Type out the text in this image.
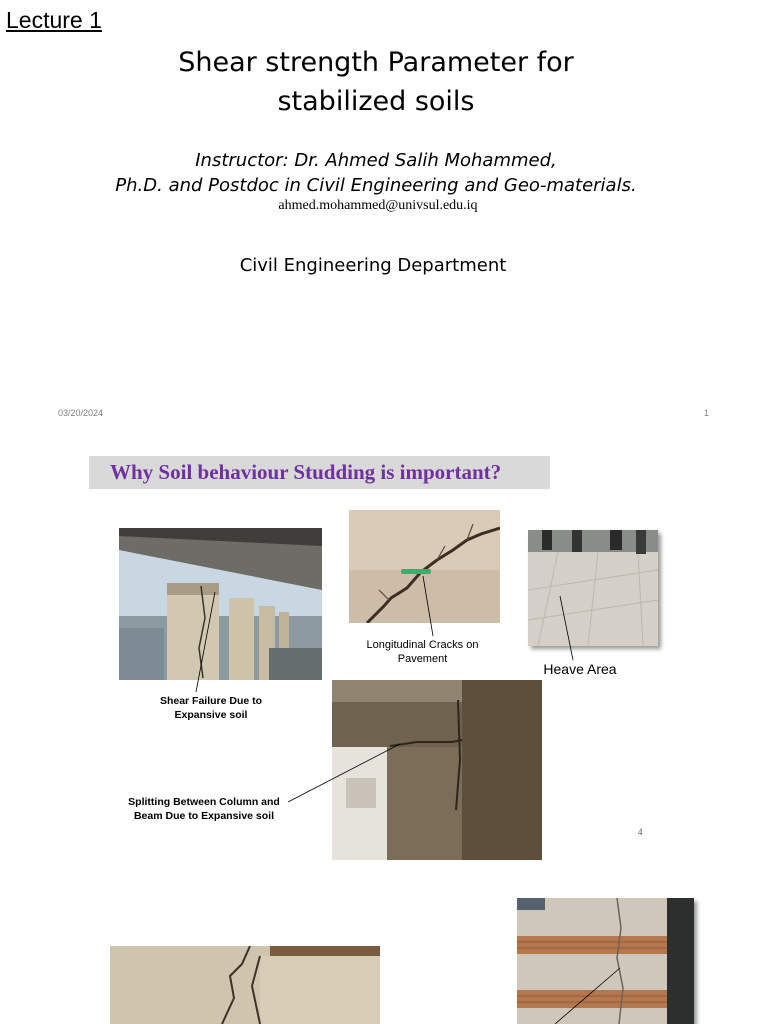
Lecture 1
Shear strength Parameter for
stabilized soils
Instructor: Dr. Ahmed Salih Mohammed,
Ph.D. and Postdoc in Civil Engineering and Geo-materials.
ahmed.mohammed@univsul.edu.iq
Civil Engineering Department
03/20/2024	1
Why Soil behaviour Studding is important?
Shear Failure Due to
Expansive soil
Longitudinal Cracks on
Pavement
Heave Area
Splitting Between Column and
Beam Due to Expansive soil
4
